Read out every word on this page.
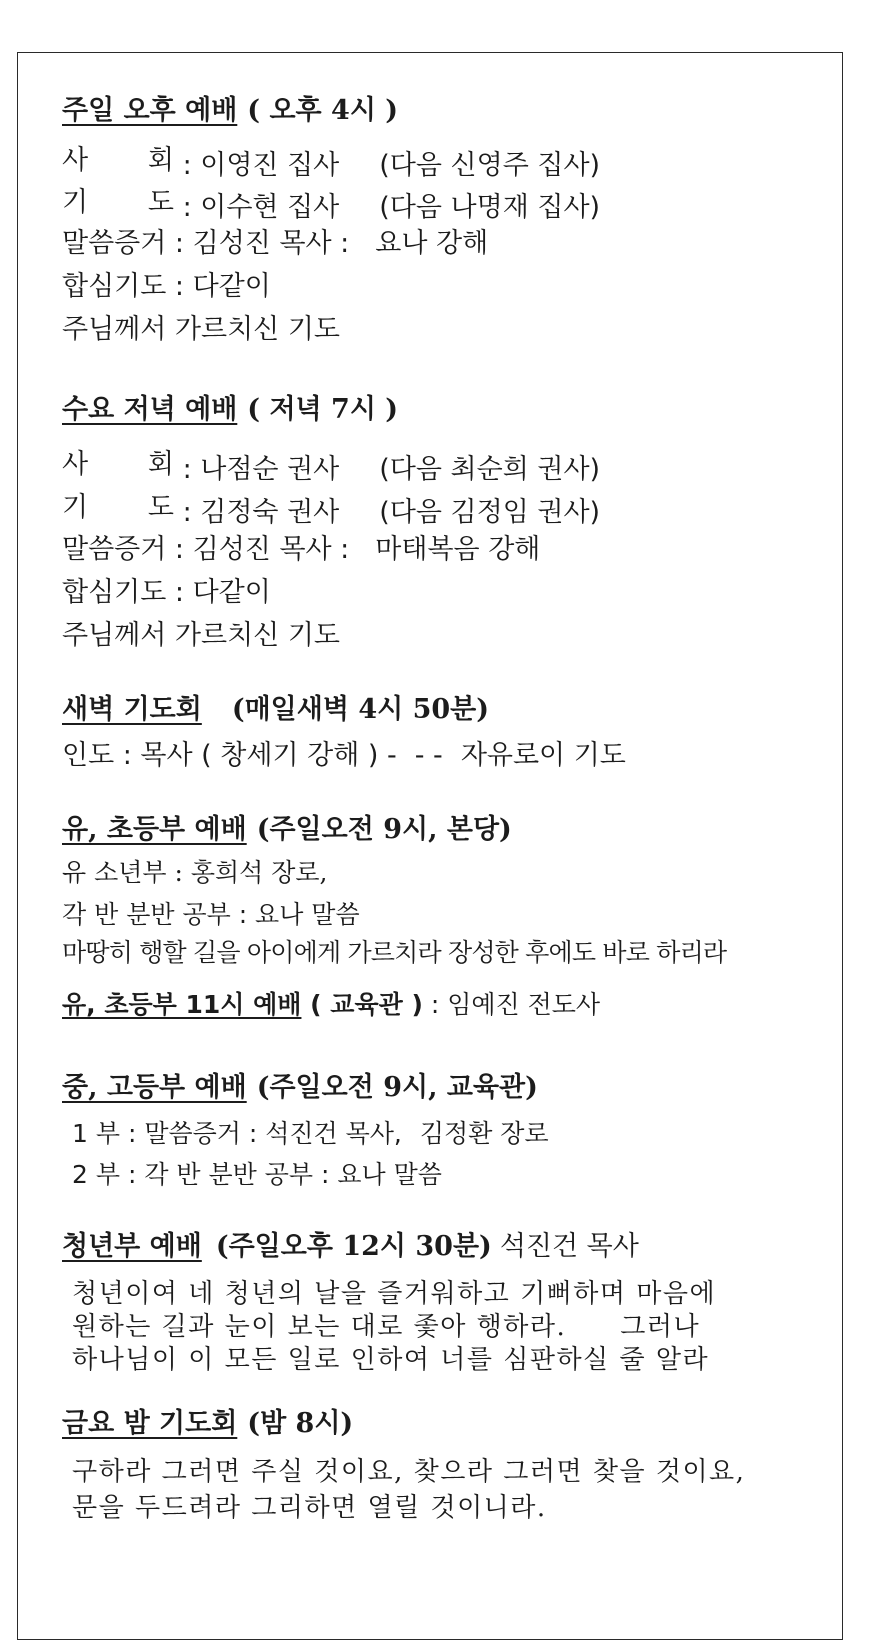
주일 오후 예배 ( 오후 4시 )
사 회 : 이영진 집사 (다음 신영주 집사)
기 도 : 이수현 집사 (다음 나명재 집사)
말씀증거 : 김성진 목사 : 요나 강해
합심기도 : 다같이
주님께서 가르치신 기도
수요 저녁 예배 ( 저녁 7시 )
사 회 : 나점순 권사 (다음 최순희 권사)
기 도 : 김정숙 권사 (다음 김정임 권사)
말씀증거 : 김성진 목사 : 마태복음 강해
합심기도 : 다같이
주님께서 가르치신 기도
새벽 기도회 (매일새벽 4시 50분)
인도 : 목사 ( 창세기 강해 ) - - - 자유로이 기도
유, 초등부 예배 (주일오전 9시, 본당)
유 소년부 : 홍희석 장로,
각 반 분반 공부 : 요나 말씀
마땅히 행할 길을 아이에게 가르치라 장성한 후에도 바로 하리라
유, 초등부 11시 예배 ( 교육관 ) : 임예진 전도사
중, 고등부 예배 (주일오전 9시, 교육관)
1 부 : 말씀증거 : 석진건 목사, 김정환 장로
2 부 : 각 반 분반 공부 : 요나 말씀
청년부 예배 (주일오후 12시 30분) 석진건 목사
청년이여 네 청년의 날을 즐거워하고 기뻐하며 마음에
원하는 길과 눈이 보는 대로 좇아 행하라. 그러나
하나님이 이 모든 일로 인하여 너를 심판하실 줄 알라
금요 밤 기도회 (밤 8시)
구하라 그러면 주실 것이요, 찾으라 그러면 찾을 것이요,
문을 두드려라 그리하면 열릴 것이니라.
